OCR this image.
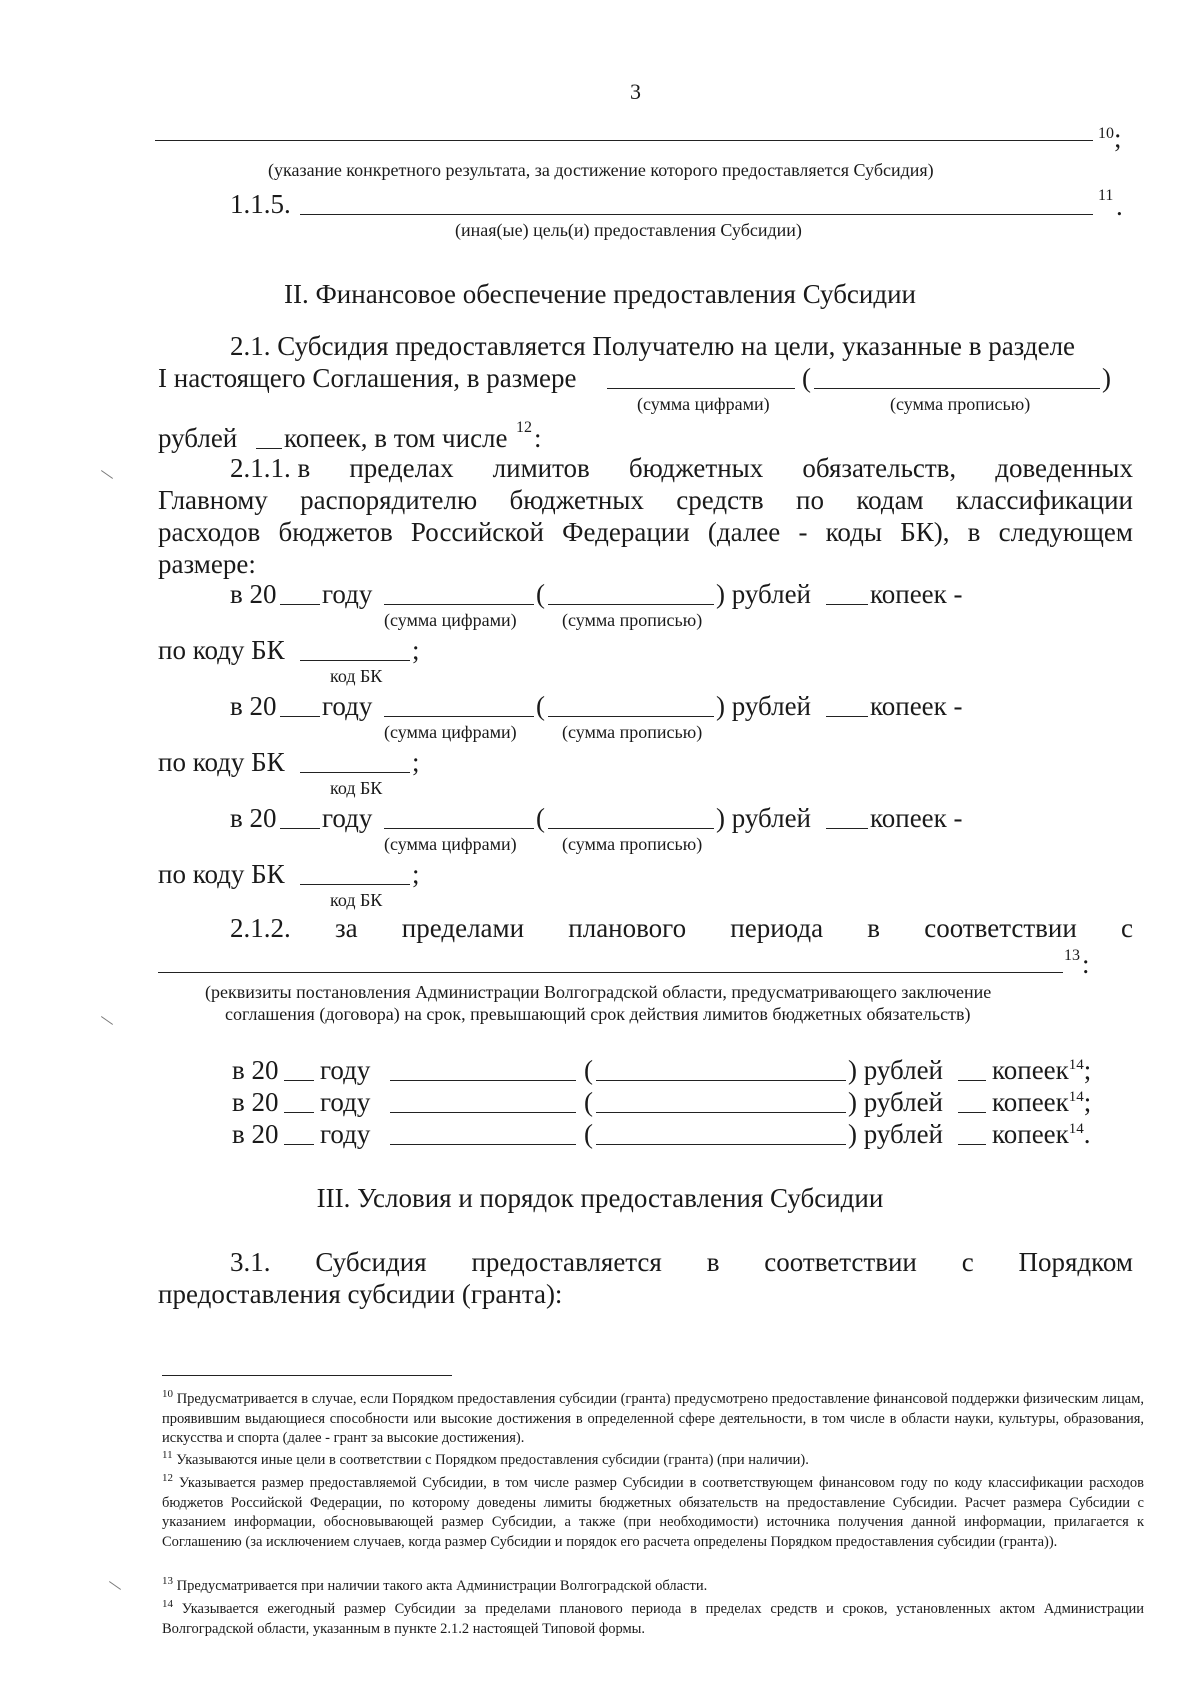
3
10 ;
(указание конкретного результата, за достижение которого предоставляется Субсидия)
1.1.5.	11 .
(иная(ые) цель(и) предоставления Субсидии)
II. Финансовое обеспечение предоставления Субсидии
2.1. Субсидия предоставляется Получателю на цели, указанные в разделе
I настоящего Соглашения, в размере	(	)
(сумма цифрами)	(сумма прописью)
рублей копеек, в том числе 12 :
2.1.1. в пределах лимитов бюджетных обязательств, доведенных
Главному распорядителю бюджетных средств по кодам классификации
расходов бюджетов Российской Федерации (далее - коды БК), в следующем
размере:
в 20 году	(	) рублей копеек -
(сумма цифрами)	(сумма прописью)
по коду БК	;
код БК
в 20 году	(	) рублей копеек -
(сумма цифрами)	(сумма прописью)
по коду БК	;
код БК
в 20 году	(	) рублей копеек -
(сумма цифрами)	(сумма прописью)
по коду БК	;
код БК
2.1.2. за пределами планового периода в соответствии с
13 :
(реквизиты постановления Администрации Волгоградской области, предусматривающего заключение
соглашения (договора) на срок, превышающий срок действия лимитов бюджетных обязательств)
в 20 году	(	) рублей копеек$^{14}$;
в 20 году	(	) рублей копеек$^{14}$;
в 20 году	(	) рублей копеек$^{14}$.
III. Условия и порядок предоставления Субсидии
3.1. Субсидия предоставляется в соответствии с Порядком
предоставления субсидии (гранта):
$^{10}$ Предусматривается в случае, если Порядком предоставления субсидии (гранта) предусмотрено предоставление финансовой поддержки физическим лицам, проявившим выдающиеся способности или высокие достижения в определенной сфере деятельности, в том числе в области науки, культуры, образования, искусства и спорта (далее - грант за высокие достижения).
$^{11}$ Указываются иные цели в соответствии с Порядком предоставления субсидии (гранта) (при наличии).
$^{12}$ Указывается размер предоставляемой Субсидии, в том числе размер Субсидии в соответствующем финансовом году по коду классификации расходов бюджетов Российской Федерации, по которому доведены лимиты бюджетных обязательств на предоставление Субсидии. Расчет размера Субсидии с указанием информации, обосновывающей размер Субсидии, а также (при необходимости) источника получения данной информации, прилагается к Соглашению (за исключением случаев, когда размер Субсидии и порядок его расчета определены Порядком предоставления субсидии (гранта)).
$^{13}$ Предусматривается при наличии такого акта Администрации Волгоградской области.
$^{14}$ Указывается ежегодный размер Субсидии за пределами планового периода в пределах средств и сроков, установленных актом Администрации Волгоградской области, указанным в пункте 2.1.2 настоящей Типовой формы.
